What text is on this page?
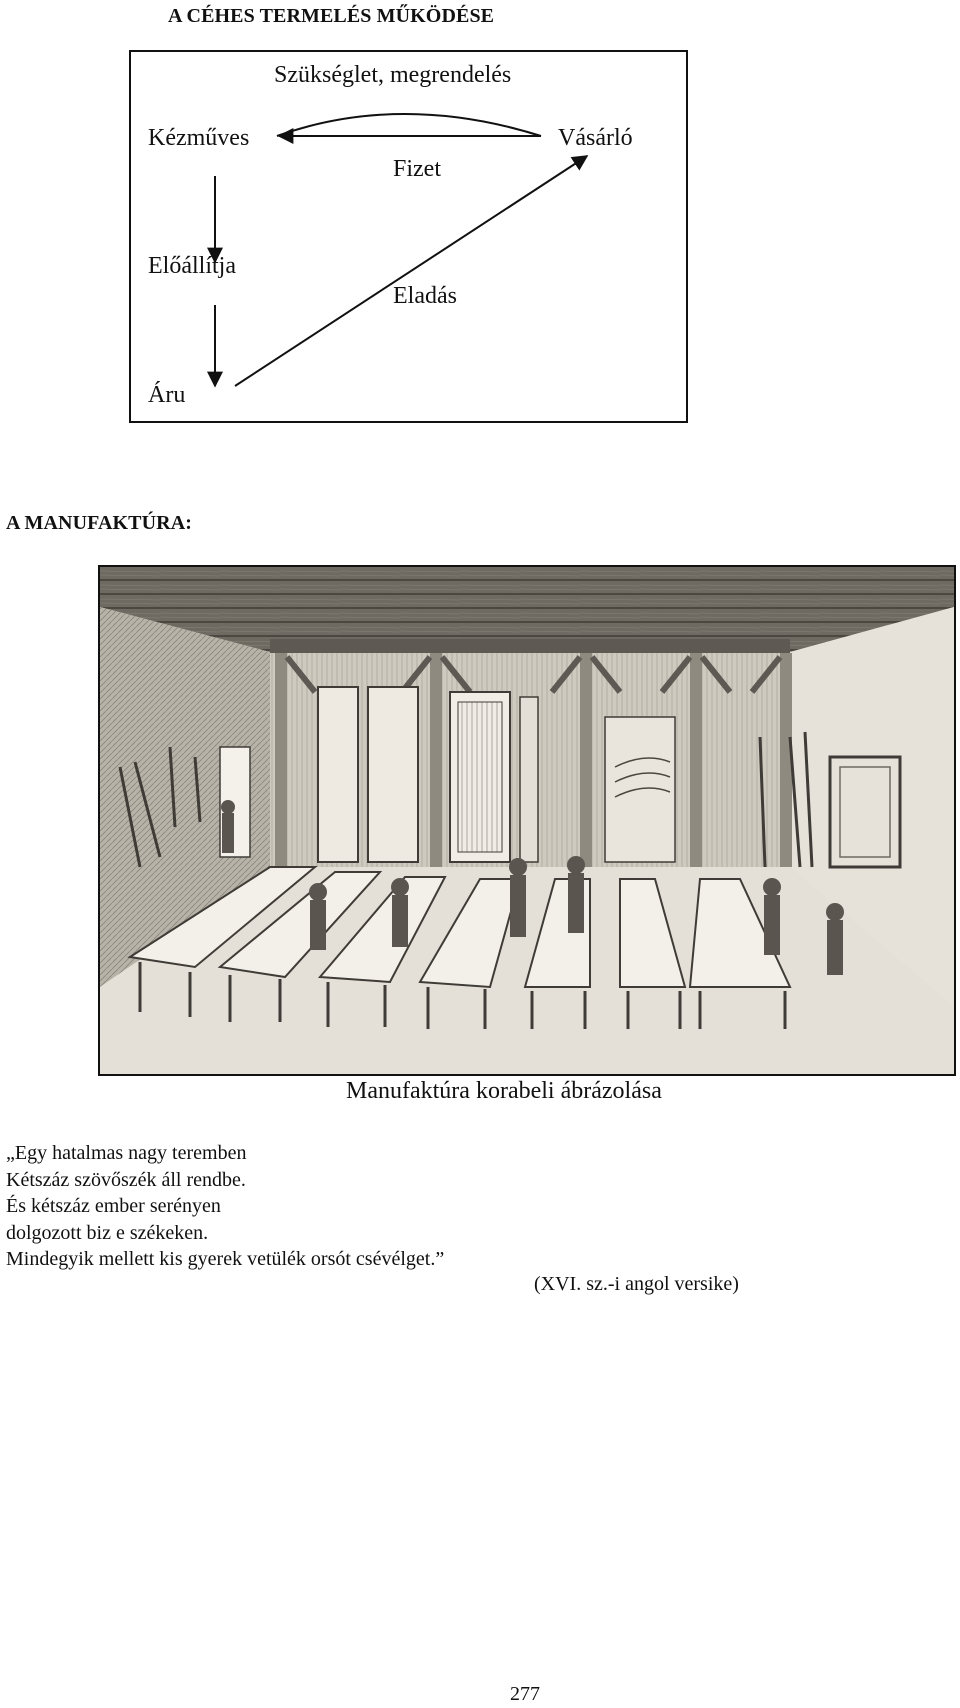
A CÉHES TERMELÉS MŰKÖDÉSE
Szükséglet, megrendelés
Kézműves	Vásárló
Fizet
Előállítja
Eladás
Áru
A MANUFAKTÚRA:
Manufaktúra korabeli ábrázolása
„Egy hatalmas nagy teremben
Kétszáz szövőszék áll rendbe.
És kétszáz ember serényen
dolgozott biz e székeken.
Mindegyik mellett kis gyerek vetülék orsót csévélget.”
(XVI. sz.-i angol versike)
277
